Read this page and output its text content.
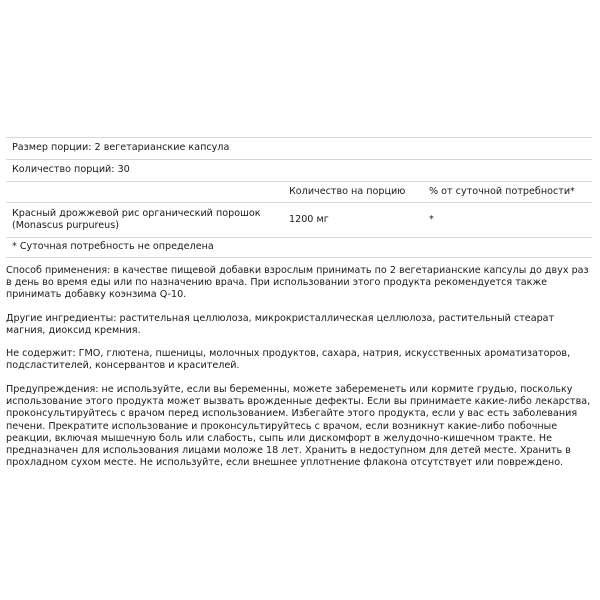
Размер порции: 2 вегетарианские капсула
Количество порций: 30
Количество на порцию % от суточной потребности*
Красный дрожжевой рис органический порошок
(Monascus purpureus)
1200 мг	*
* Суточная потребность не определена

Способ применения: в качестве пищевой добавки взрослым принимать по 2 вегетарианские капсулы до двух раз в день во время еды или по назначению врача. При использовании этого продукта рекомендуется также принимать добавку коэнзима Q-10.

Другие ингредиенты: растительная целлюлоза, микрокристаллическая целлюлоза, растительный стеарат магния, диоксид кремния.

Не содержит: ГМО, глютена, пшеницы, молочных продуктов, сахара, натрия, искусственных ароматизаторов, подсластителей, консервантов и красителей.

Предупреждения: не используйте, если вы беременны, можете забеременеть или кормите грудью, поскольку использование этого продукта может вызвать врожденные дефекты. Если вы принимаете какие-либо лекарства, проконсультируйтесь с врачом перед использованием. Избегайте этого продукта, если у вас есть заболевания печени. Прекратите использование и проконсультируйтесь с врачом, если возникнут какие-либо побочные реакции, включая мышечную боль или слабость, сыпь или дискомфорт в желудочно-кишечном тракте. Не предназначен для использования лицами моложе 18 лет. Хранить в недоступном для детей месте. Хранить в прохладном сухом месте. Не используйте, если внешнее уплотнение флакона отсутствует или повреждено.
